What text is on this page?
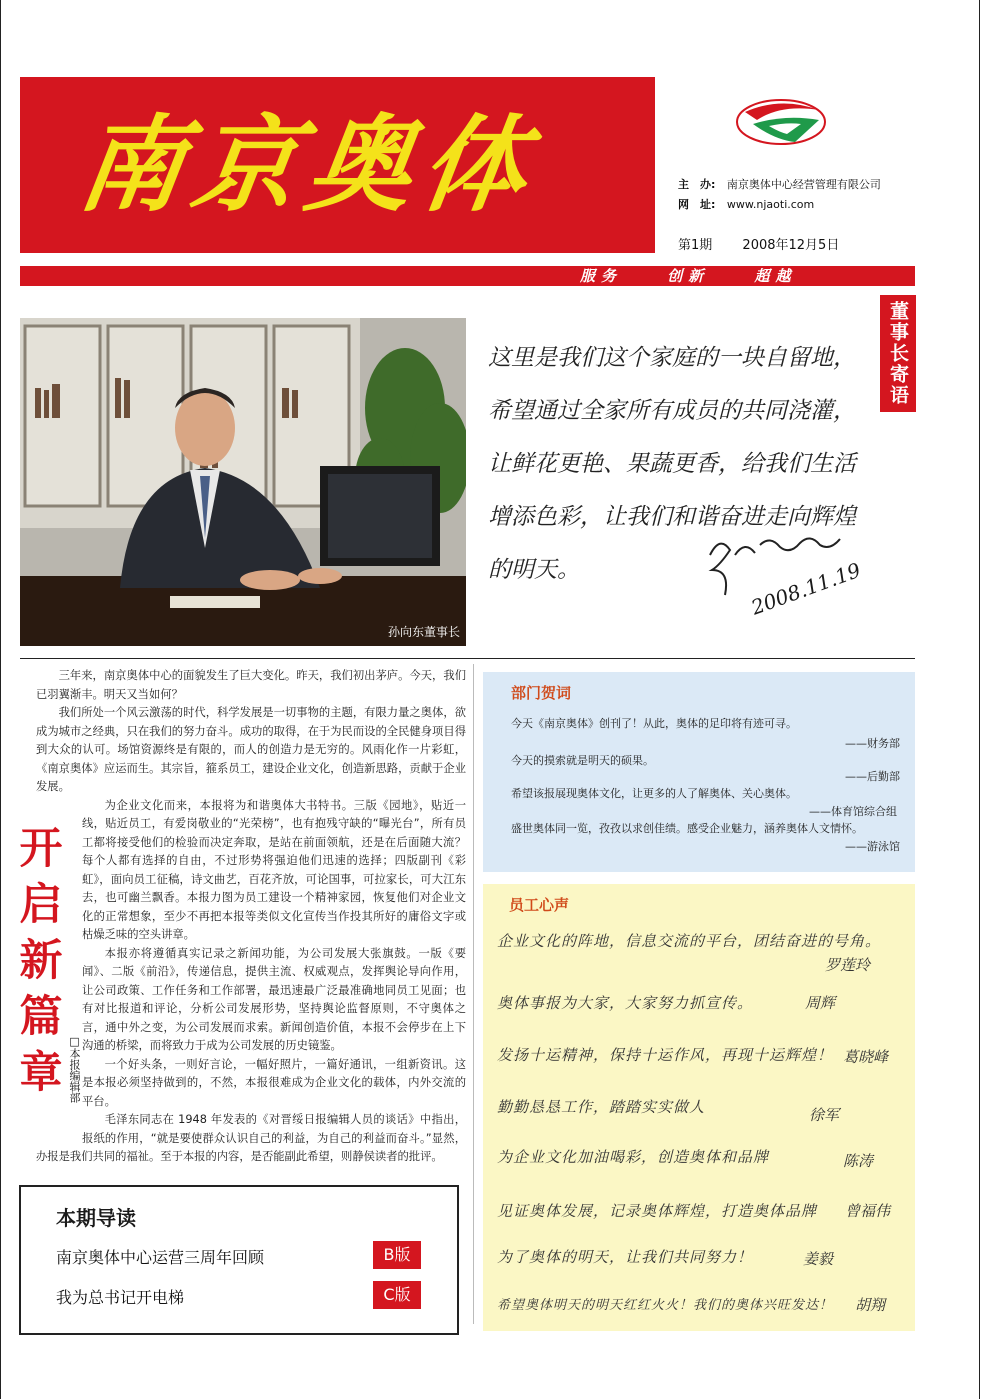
南京奥体	主　办: 南京奥体中心经营管理有限公司
网　址: www.njaoti.com
第1期 2008年12月5日
服务	创新	超越
孙向东董事长
董事长寄语
这里是我们这个家庭的一块自留地，希望通过全家所有成员的共同浇灌，让鲜花更艳、果蔬更香，给我们生活增添色彩，让我们和谐奋进走向辉煌的明天。	2008.11.19

三年来，南京奥体中心的面貌发生了巨大变化。昨天，我们初出茅庐。今天，我们已羽翼渐丰。明天又当如何？

我们所处一个风云激荡的时代，科学发展是一切事物的主题，有限力量之奥体，欲成为城市之经典，只在我们的努力奋斗。成功的取得，在于为民而设的全民健身项目得到大众的认可。场馆资源终是有限的，而人的创造力是无穷的。风雨化作一片彩虹，《南京奥体》应运而生。其宗旨，箍系员工，建设企业文化，创造新思路，贡献于企业发展。

开
启
新
篇
章 □本报编辑部

为企业文化而来，本报将为和谐奥体大书特书。三版《园地》，贴近一线，贴近员工，有爱岗敬业的“光荣榜”，也有抱残守缺的“曝光台”，所有员工都将接受他们的检验而决定奔取，是站在前面领航，还是在后面随大流？每个人都有选择的自由，不过形势将强迫他们迅速的选择；四版副刊《彩虹》，面向员工征稿，诗文曲艺，百花齐放，可论国事，可拉家长，可大江东去，也可幽兰飘香。本报力图为员工建设一个精神家园，恢复他们对企业文化的正常想象，至少不再把本报等类似文化宣传当作投其所好的庸俗文字或枯燥乏味的空头讲章。

本报亦将遵循真实记录之新闻功能，为公司发展大张旗鼓。一版《要闻》、二版《前沿》，传递信息，提供主流、权威观点，发挥舆论导向作用，让公司政策、工作任务和工作部署，最迅速最广泛最准确地同员工见面；也有对比报道和评论，分析公司发展形势，坚持舆论监督原则，不守奥体之言，通中外之变，为公司发展而求索。新闻创造价值，本报不会停步在上下沟通的桥梁，而将致力于成为公司发展的历史镜鉴。

一个好头条，一则好言论，一幅好照片，一篇好通讯，一组新资讯。这是本报必须坚持做到的，不然，本报很难成为企业文化的载体，内外交流的平台。

毛泽东同志在 1948 年发表的《对晋绥日报编辑人员的谈话》中指出，报纸的作用，“就是要使群众认识自己的利益，为自己的利益而奋斗。”显然，办报是我们共同的福祉。至于本报的内容，是否能副此希望，则静侯读者的批评。

本期导读
南京奥体中心运营三周年回顾	B版
我为总书记开电梯	C版
部门贺词
今天《南京奥体》创刊了！从此，奥体的足印将有迹可寻。
——财务部
今天的摸索就是明天的硕果。
——后勤部
希望该报展现奥体文化，让更多的人了解奥体、关心奥体。
——体育馆综合组
盛世奥体同一览，孜孜以求创佳绩。感受企业魅力，涵养奥体人文情怀。
——游泳馆
员工心声
企业文化的阵地，信息交流的平台，团结奋进的号角。
罗莲玲
奥体事报为大家，大家努力抓宣传。	周辉
发扬十运精神，保持十运作风，再现十运辉煌！ 葛晓峰
勤勤恳恳工作，踏踏实实做人	徐军
为企业文化加油喝彩，创造奥体和品牌	陈涛
见证奥体发展，记录奥体辉煌，打造奥体品牌 曾福伟
为了奥体的明天，让我们共同努力！	姜毅
希望奥体明天的明天红红火火！我们的奥体兴旺发达！ 胡翔
